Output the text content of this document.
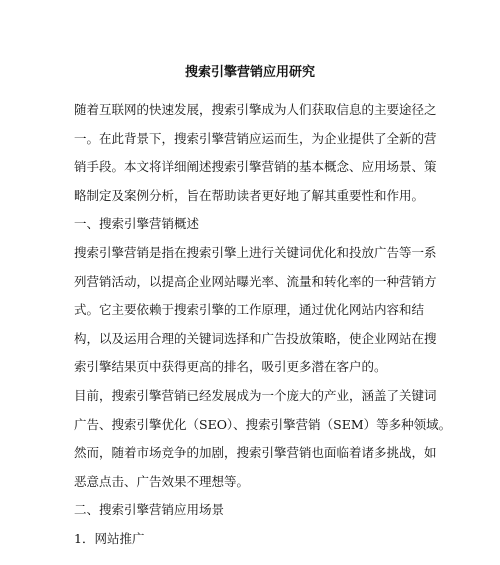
搜索引擎营销应用研究

随着互联网的快速发展，搜索引擎成为人们获取信息的主要途径之
一。在此背景下，搜索引擎营销应运而生，为企业提供了全新的营
销手段。本文将详细阐述搜索引擎营销的基本概念、应用场景、策
略制定及案例分析，旨在帮助读者更好地了解其重要性和作用。

一、搜索引擎营销概述

搜索引擎营销是指在搜索引擎上进行关键词优化和投放广告等一系
列营销活动，以提高企业网站曝光率、流量和转化率的一种营销方
式。它主要依赖于搜索引擎的工作原理，通过优化网站内容和结
构，以及运用合理的关键词选择和广告投放策略，使企业网站在搜
索引擎结果页中获得更高的排名，吸引更多潜在客户的。

目前，搜索引擎营销已经发展成为一个庞大的产业，涵盖了关键词
广告、搜索引擎优化（SEO）、搜索引擎营销（SEM）等多种领域。
然而，随着市场竞争的加剧，搜索引擎营销也面临着诸多挑战，如
恶意点击、广告效果不理想等。

二、搜索引擎营销应用场景

1．网站推广
